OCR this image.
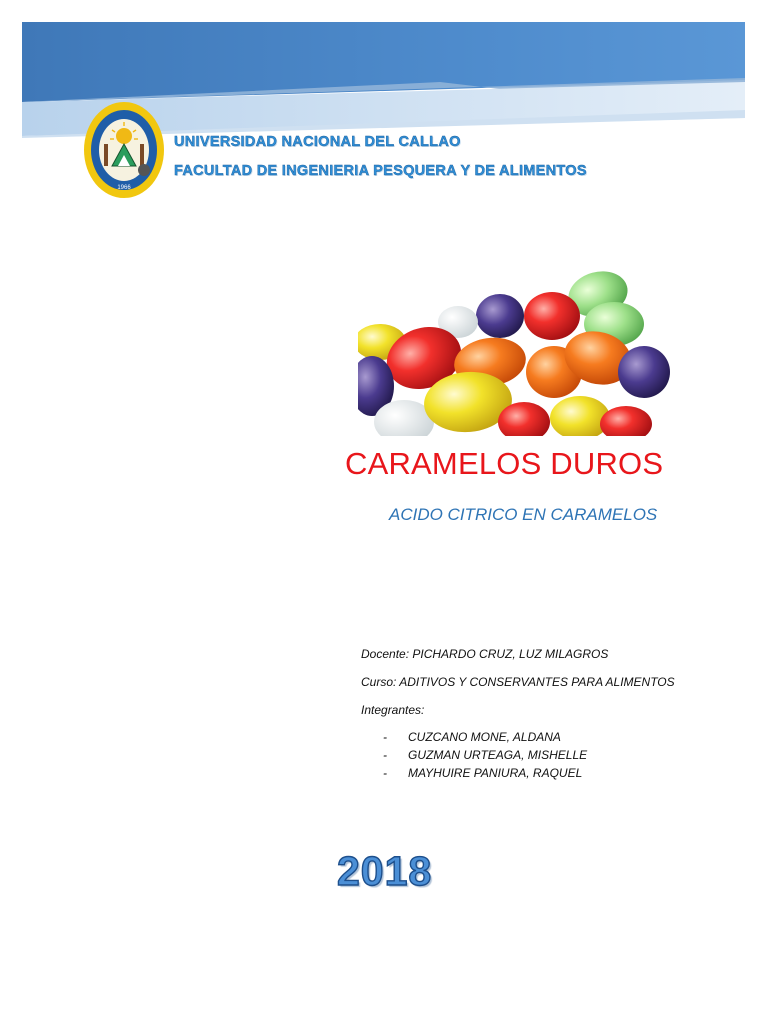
1966
UNIVERSIDAD NACIONAL DEL CALLAO
FACULTAD DE INGENIERIA PESQUERA Y DE ALIMENTOS
CARAMELOS DUROS
ACIDO CITRICO EN CARAMELOS
Docente: PICHARDO CRUZ, LUZ MILAGROS
Curso: ADITIVOS Y CONSERVANTES PARA ALIMENTOS
Integrantes:
- CUZCANO MONE, ALDANA
- GUZMAN URTEAGA, MISHELLE
- MAYHUIRE PANIURA, RAQUEL
2018
